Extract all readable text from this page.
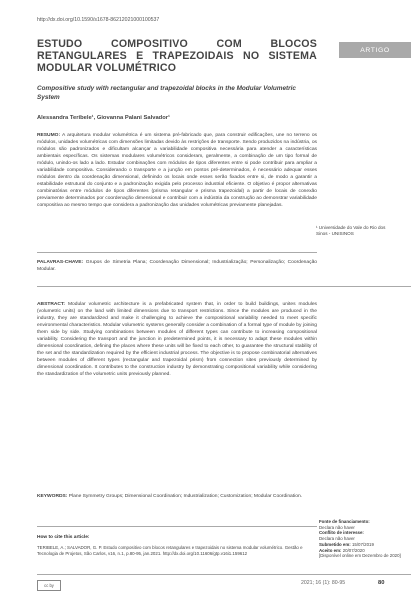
http://dx.doi.org/10.1590/s1678-86212021000100537
ARTIGO
ESTUDO COMPOSITIVO COM BLOCOS RETANGULARES E TRAPEZOIDAIS NO SISTEMA MODULAR VOLUMÉTRICO

Compositive study with rectangular and trapezoidal blocks in the Modular Volumetric System

Alessandra Teribele¹, Giovanna Palani Salvador¹

RESUMO: A arquitetura modular volumétrica é um sistema pré-fabricado que, para construir edificações, une no terreno os módulos, unidades volumétricas com dimensões limitadas devido às restrições de transporte. Sendo produzidos na indústria, os módulos são padronizados e dificultam alcançar a variabilidade compositiva necessária para atender a características ambientais específicas. Os sistemas modulares volumétricos consideram, geralmente, a combinação de um tipo formal de módulo, unindo-os lado a lado. Estudar combinações com módulos de tipos diferentes entre si pode contribuir para ampliar a variabilidade compositiva. Considerando o transporte e a junção em pontos pré-determinados, é necessário adequar esses módulos dentro da coordenação dimensional, definindo os locais onde esses serão fixados entre si, de modo a garantir a estabilidade estrutural do conjunto e a padronização exigida pelo processo industrial eficiente. O objetivo é propor alternativas combinatórias entre módulos de tipos diferentes (prisma retangular e prisma trapezoidal) a partir de locais de conexão previamente determinados por coordenação dimensional e contribuir com a indústria da construção ao demonstrar variabilidade compositiva ao mesmo tempo que considera a padronização das unidades volumétricas previamente planejadas.

¹ Universidade do Vale do Rio dos Sinos - UNISINOS

PALAVRAS-CHAVE: Grupos de Simetria Plana; Coordenação Dimensional; Industrialização; Personalização; Coordenação Modular.

ABSTRACT: Modular volumetric architecture is a prefabricated system that, in order to build buildings, unites modules (volumetric units) on the land with limited dimensions due to transport restrictions. Since the modules are produced in the industry, they are standardized and make it challenging to achieve the compositional variability needed to meet specific environmental characteristics. Modular volumetric systems generally consider a combination of a formal type of module by joining them side by side. Studying combinations between modules of different types can contribute to increasing compositional variability. Considering the transport and the junction in predetermined points, it is necessary to adapt these modules within dimensional coordination, defining the places where these units will be fixed to each other, to guarantee the structural stability of the set and the standardization required by the efficient industrial process. The objective is to propose combinatorial alternatives between modules of different types (rectangular and trapezoidal prism) from connection sites previously determined by dimensional coordination. It contributes to the construction industry by demonstrating compositional variability while considering the standardization of the volumetric units previously planned.

KEYWORDS: Plane Symmetry Groups; Dimensional Coordination; Industrialization; Customization; Modular Coordination.

Fonte de financiamento:
Declara não haver
Conflito de interesse:
Declara não haver
Submetido em: 15/07/2019
Aceito em: 20/07/2020
[Disponível online em Dezembro de 2020]
How to cite this article:

TERIBELE, A.; SALVADOR, G. P. Estudo compositivo com blocos retangulares e trapezoidais no sistema modular volumétrico. Gestão e Tecnologia de Projetos, São Carlos, v16, n.1, p.80-95, jan.2021. http://dx.doi.org/10.11606/gtp.v16i1.159612

cc by	2021; 16 (1): 80-95	80
